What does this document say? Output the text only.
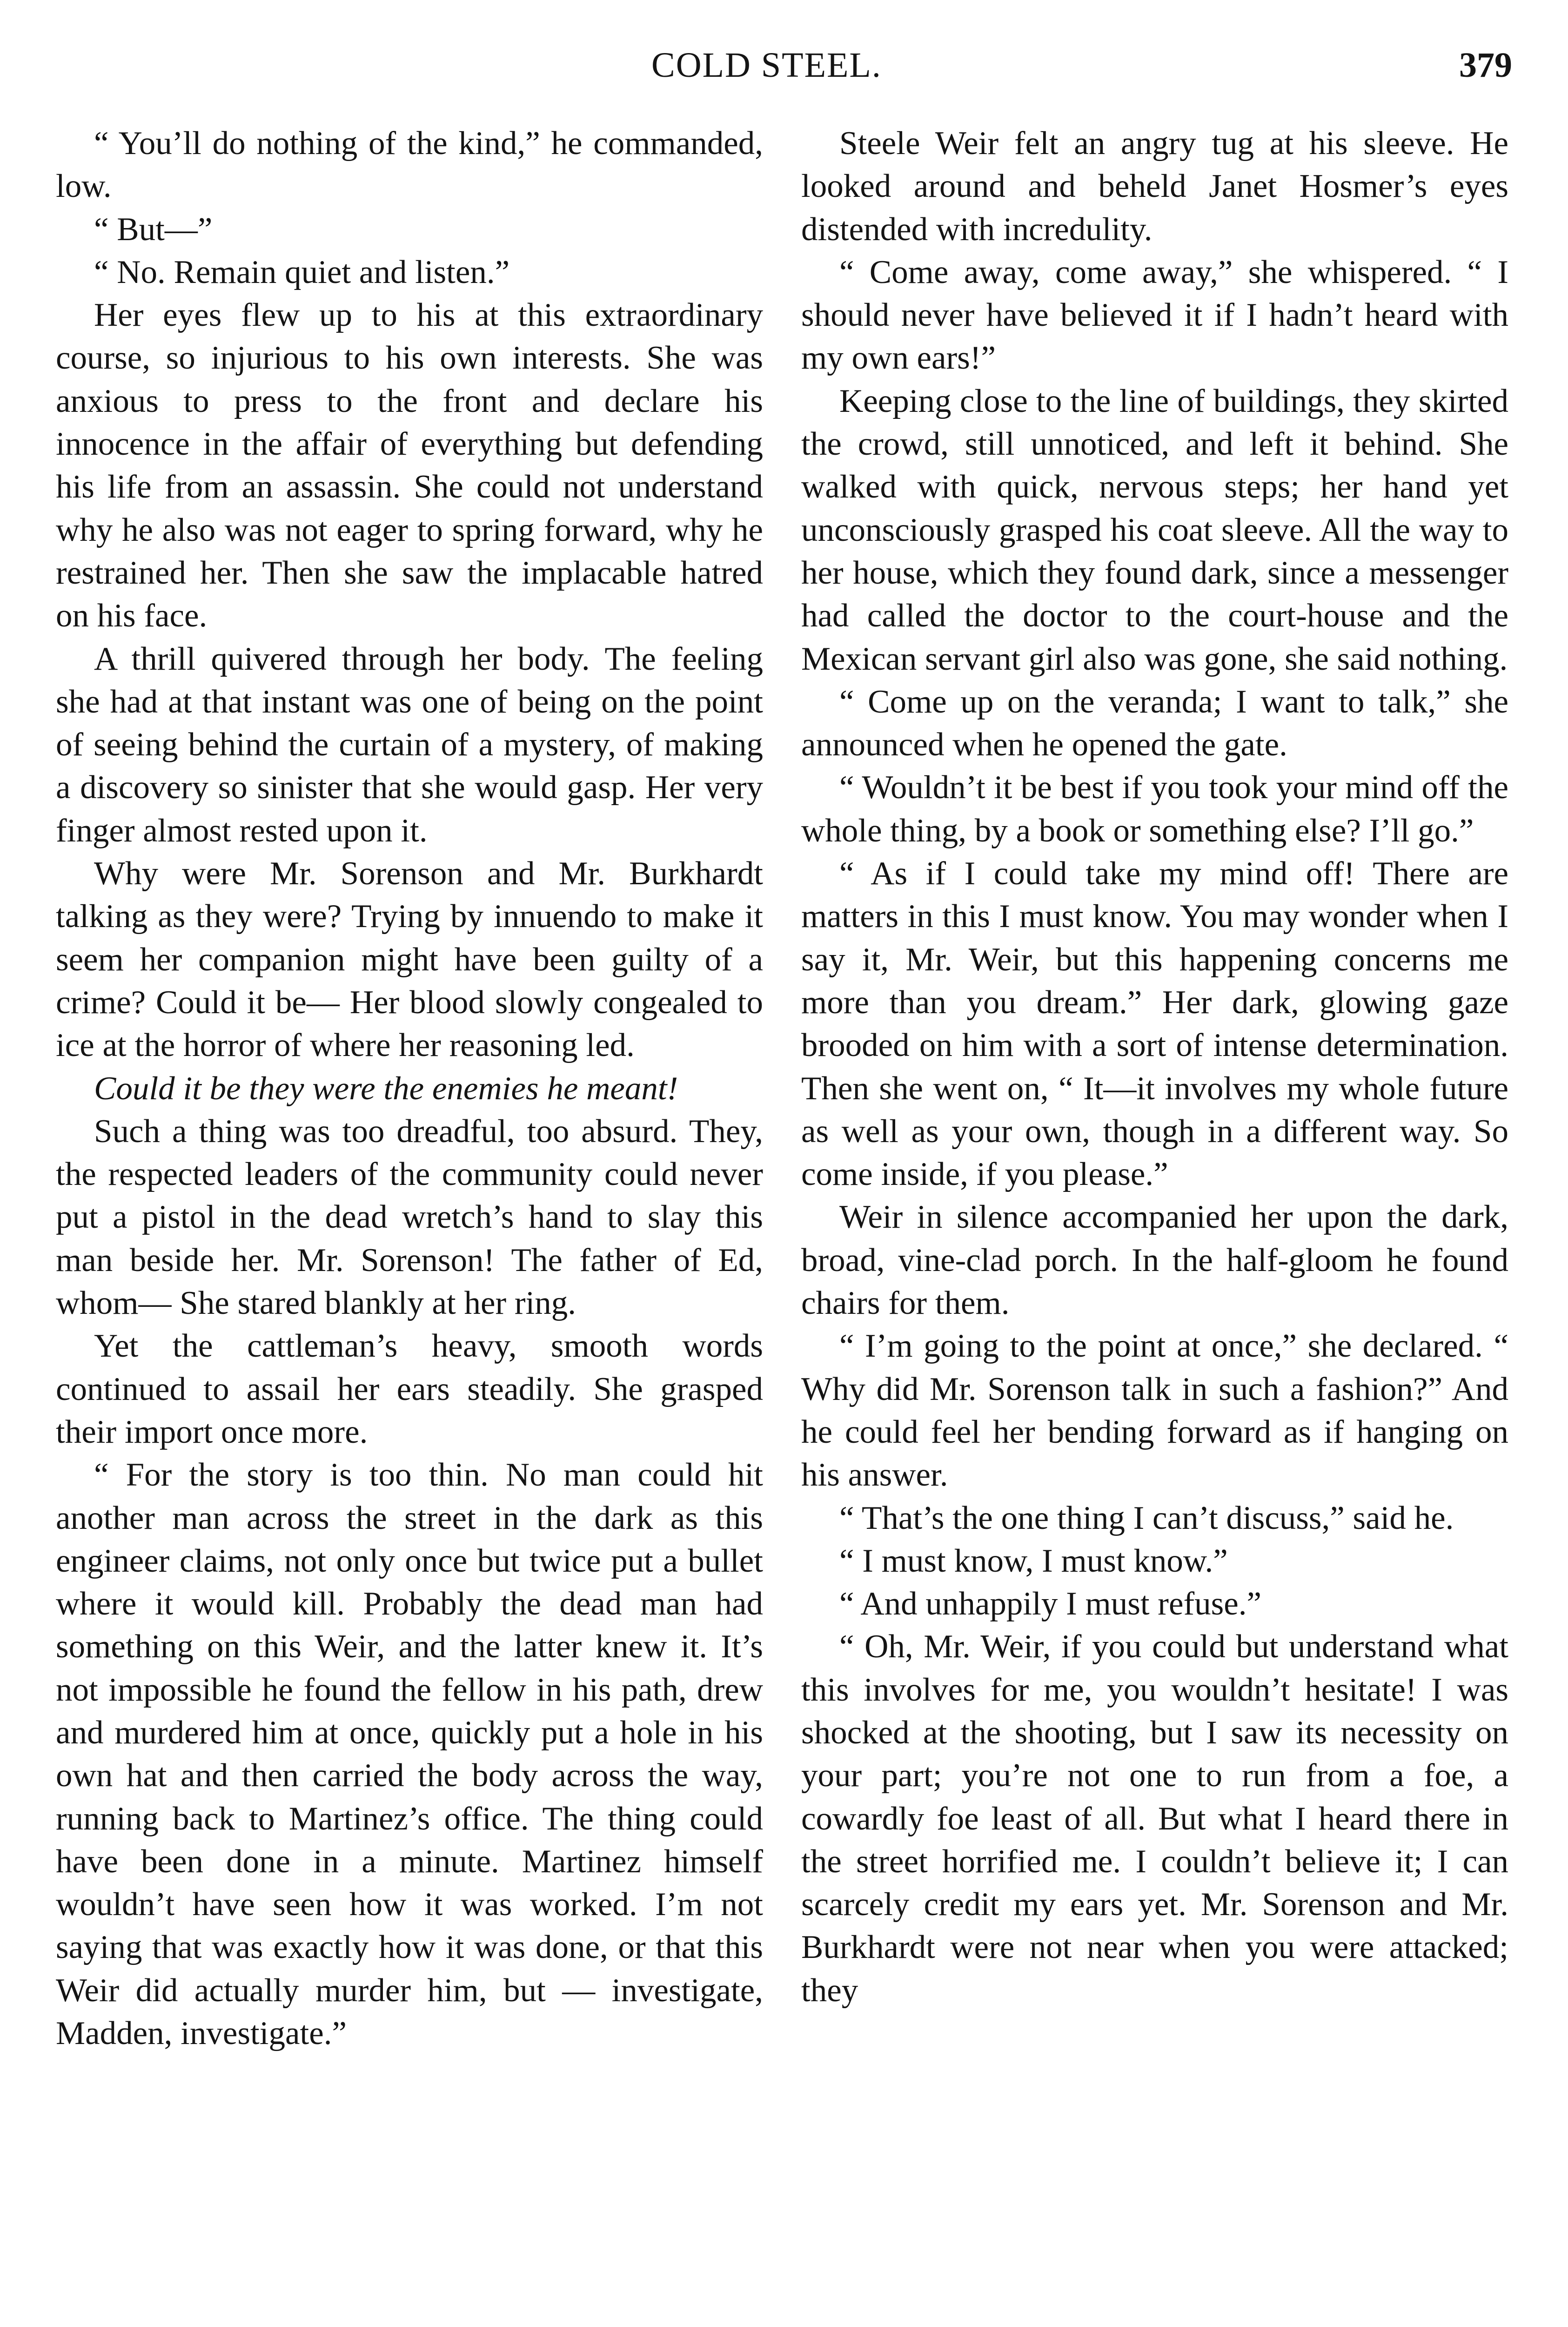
COLD STEEL.	379

“ You’ll do nothing of the kind,” he commanded, low.

“ But—”

“ No. Remain quiet and listen.”

Her eyes flew up to his at this extraordinary course, so injurious to his own interests. She was anxious to press to the front and declare his innocence in the affair of everything but defending his life from an assassin. She could not understand why he also was not eager to spring forward, why he restrained her. Then she saw the implacable hatred on his face.

A thrill quivered through her body. The feeling she had at that instant was one of being on the point of seeing behind the curtain of a mystery, of making a discovery so sinister that she would gasp. Her very finger almost rested upon it.

Why were Mr. Sorenson and Mr. Burkhardt talking as they were? Trying by innuendo to make it seem her companion might have been guilty of a crime? Could it be— Her blood slowly congealed to ice at the horror of where her reasoning led.

Could it be they were the enemies he meant!

Such a thing was too dreadful, too absurd. They, the respected leaders of the community could never put a pistol in the dead wretch’s hand to slay this man beside her. Mr. Sorenson! The father of Ed, whom— She stared blankly at her ring.

Yet the cattleman’s heavy, smooth words continued to assail her ears steadily. She grasped their import once more.

“ For the story is too thin. No man could hit another man across the street in the dark as this engineer claims, not only once but twice put a bullet where it would kill. Probably the dead man had something on this Weir, and the latter knew it. It’s not impossible he found the fellow in his path, drew and murdered him at once, quickly put a hole in his own hat and then carried the body across the way, running back to Martinez’s office. The thing could have been done in a minute. Martinez himself wouldn’t have seen how it was worked. I’m not saying that was exactly how it was done, or that this Weir did actually murder him, but — investigate, Madden, investigate.”

Steele Weir felt an angry tug at his sleeve. He looked around and beheld Janet Hosmer’s eyes distended with incredulity.

“ Come away, come away,” she whispered. “ I should never have believed it if I hadn’t heard with my own ears!”

Keeping close to the line of buildings, they skirted the crowd, still unnoticed, and left it behind. She walked with quick, nervous steps; her hand yet unconsciously grasped his coat sleeve. All the way to her house, which they found dark, since a messenger had called the doctor to the court-house and the Mexican servant girl also was gone, she said nothing.

“ Come up on the veranda; I want to talk,” she announced when he opened the gate.

“ Wouldn’t it be best if you took your mind off the whole thing, by a book or something else? I’ll go.”

“ As if I could take my mind off! There are matters in this I must know. You may wonder when I say it, Mr. Weir, but this happening concerns me more than you dream.” Her dark, glowing gaze brooded on him with a sort of intense determination. Then she went on, “ It—it involves my whole future as well as your own, though in a different way. So come inside, if you please.”

Weir in silence accompanied her upon the dark, broad, vine-clad porch. In the half-gloom he found chairs for them.

“ I’m going to the point at once,” she declared. “ Why did Mr. Sorenson talk in such a fashion?” And he could feel her bending forward as if hanging on his answer.

“ That’s the one thing I can’t discuss,” said he.

“ I must know, I must know.”

“ And unhappily I must refuse.”

“ Oh, Mr. Weir, if you could but understand what this involves for me, you wouldn’t hesitate! I was shocked at the shooting, but I saw its necessity on your part; you’re not one to run from a foe, a cowardly foe least of all. But what I heard there in the street horrified me. I couldn’t believe it; I can scarcely credit my ears yet. Mr. Sorenson and Mr. Burkhardt were not near when you were attacked; they
